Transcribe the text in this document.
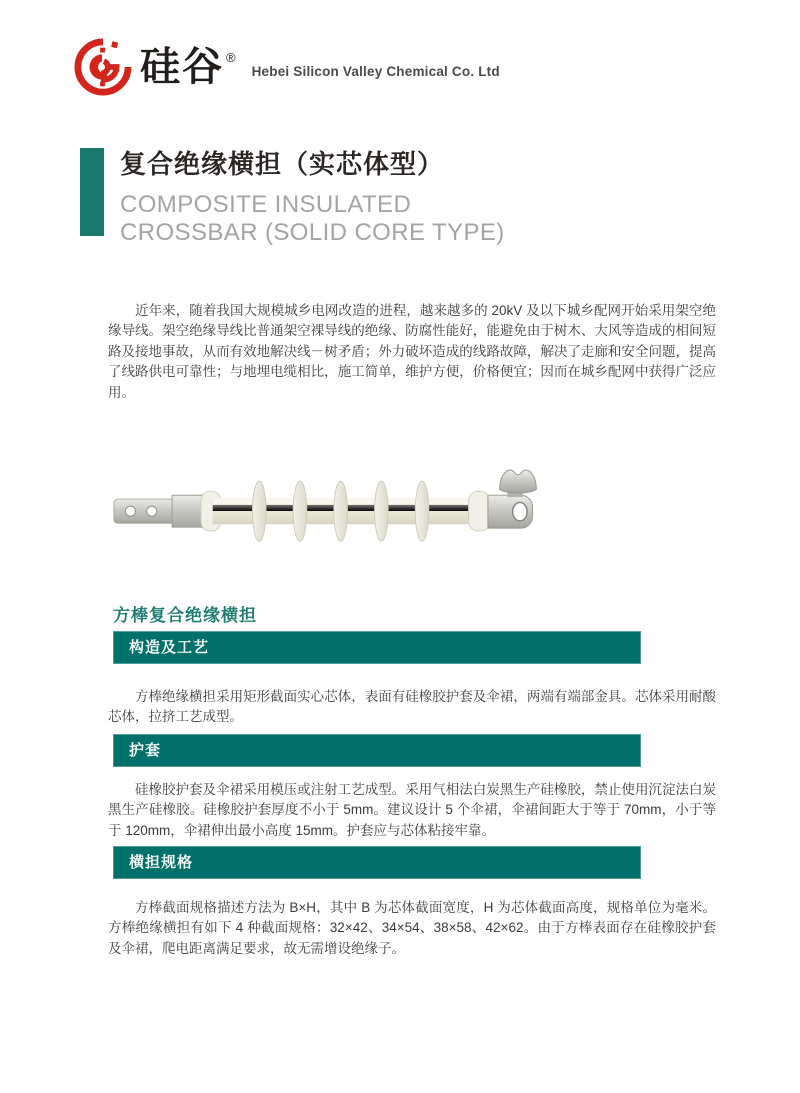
硅谷 ®
Hebei Silicon Valley Chemical Co. Ltd
复合绝缘横担（实芯体型）
COMPOSITE INSULATED
CROSSBAR (SOLID CORE TYPE)

近年来，随着我国大规模城乡电网改造的进程，越来越多的 20kV 及以下城乡配网开始采用架空绝缘导线。架空绝缘导线比普通架空裸导线的绝缘、防腐性能好，能避免由于树木、大风等造成的相间短路及接地事故，从而有效地解决线－树矛盾；外力破坏造成的线路故障，解决了走廊和安全问题，提高了线路供电可靠性；与地埋电缆相比，施工简单，维护方便，价格便宜；因而在城乡配网中获得广泛应用。

方棒复合绝缘横担
构造及工艺

方棒绝缘横担采用矩形截面实心芯体，表面有硅橡胶护套及伞裙，两端有端部金具。芯体采用耐酸芯体，拉挤工艺成型。

护套

硅橡胶护套及伞裙采用模压或注射工艺成型。采用气相法白炭黑生产硅橡胶，禁止使用沉淀法白炭黑生产硅橡胶。硅橡胶护套厚度不小于 5mm。建议设计 5 个伞裙，伞裙间距大于等于 70mm，小于等于 120mm，伞裙伸出最小高度 15mm。护套应与芯体粘接牢靠。

横担规格

方棒截面规格描述方法为 B×H，其中 B 为芯体截面宽度，H 为芯体截面高度，规格单位为毫米。方棒绝缘横担有如下 4 种截面规格：32×42、34×54、38×58、42×62。由于方棒表面存在硅橡胶护套及伞裙，爬电距离满足要求，故无需增设绝缘子。
